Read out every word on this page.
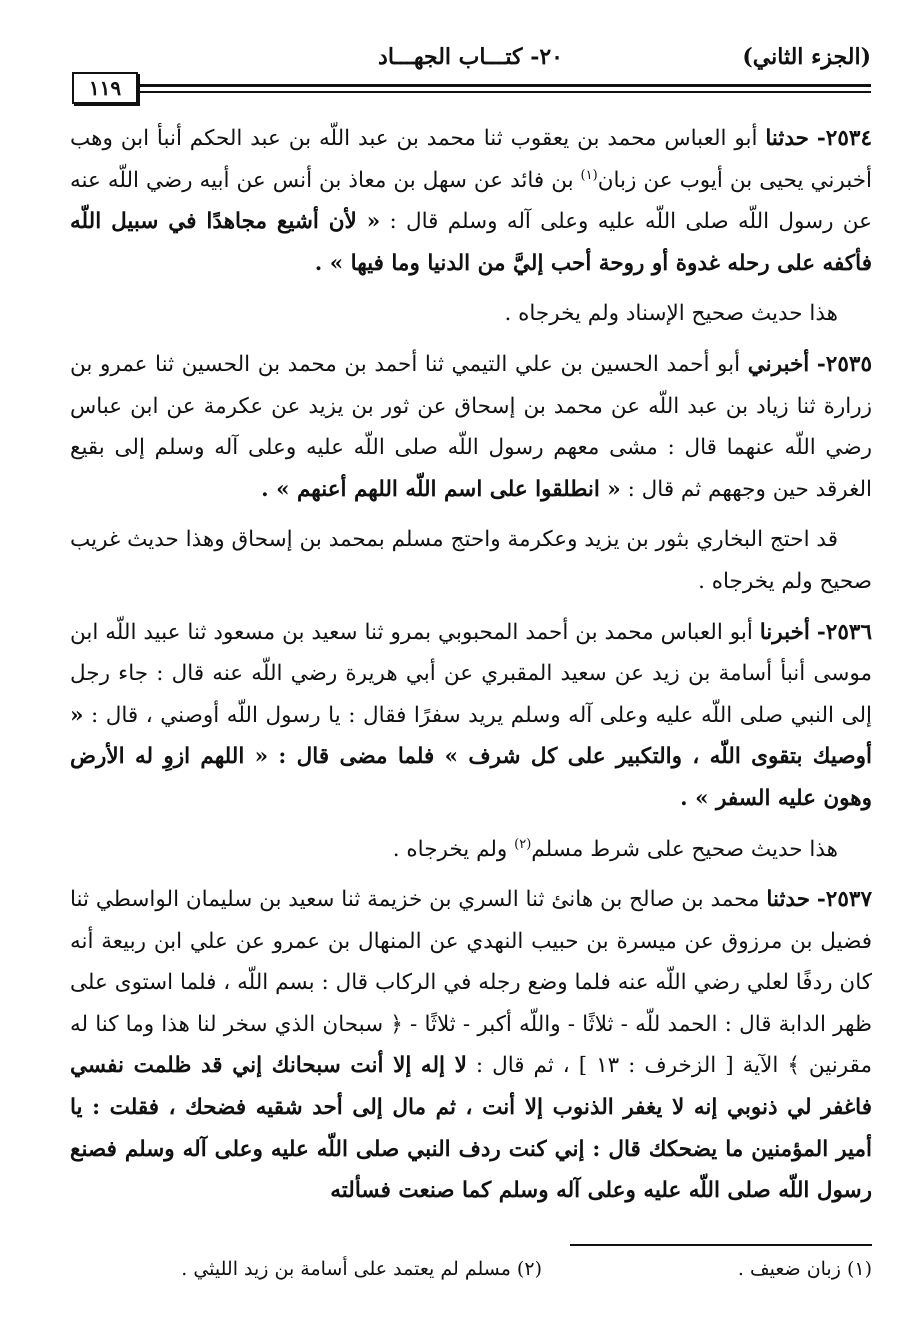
(الجزء الثاني)
٢٠- كتـــاب الجهـــاد
١١٩

٢٥٣٤- حدثنا أبو العباس محمد بن يعقوب ثنا محمد بن عبد اللّه بن عبد الحكم أنبأ ابن وهب أخبرني يحيى بن أيوب عن زبان$^{(١)}$ بن فائد عن سهل بن معاذ بن أنس عن أبيه رضي اللّه عنه عن رسول اللّه صلى اللّه عليه وعلى آله وسلم قال : « لأن أشيع مجاهدًا في سبيل اللّه فأكفه على رحله غدوة أو روحة أحب إليَّ من الدنيا وما فيها » .

هذا حديث صحيح الإسناد ولم يخرجاه .

٢٥٣٥- أخبرني أبو أحمد الحسين بن علي التيمي ثنا أحمد بن محمد بن الحسين ثنا عمرو بن زرارة ثنا زياد بن عبد اللّه عن محمد بن إسحاق عن ثور بن يزيد عن عكرمة عن ابن عباس رضي اللّه عنهما قال : مشى معهم رسول اللّه صلى اللّه عليه وعلى آله وسلم إلى بقيع الغرقد حين وجههم ثم قال : « انطلقوا على اسم اللّه اللهم أعنهم » .

قد احتج البخاري بثور بن يزيد وعكرمة واحتج مسلم بمحمد بن إسحاق وهذا حديث غريب صحيح ولم يخرجاه .

٢٥٣٦- أخبرنا أبو العباس محمد بن أحمد المحبوبي بمرو ثنا سعيد بن مسعود ثنا عبيد اللّه ابن موسى أنبأ أسامة بن زيد عن سعيد المقبري عن أبي هريرة رضي اللّه عنه قال : جاء رجل إلى النبي صلى اللّه عليه وعلى آله وسلم يريد سفرًا فقال : يا رسول اللّه أوصني ، قال : « أوصيك بتقوى اللّه ، والتكبير على كل شرف » فلما مضى قال : « اللهم ازوِ له الأرض وهون عليه السفر » .

هذا حديث صحيح على شرط مسلم$^{(٢)}$ ولم يخرجاه .

٢٥٣٧- حدثنا محمد بن صالح بن هانئ ثنا السري بن خزيمة ثنا سعيد بن سليمان الواسطي ثنا فضيل بن مرزوق عن ميسرة بن حبيب النهدي عن المنهال بن عمرو عن علي ابن ربيعة أنه كان ردفًا لعلي رضي اللّه عنه فلما وضع رجله في الركاب قال : بسم اللّه ، فلما استوى على ظهر الدابة قال : الحمد للّه - ثلاثًا - واللّه أكبر - ثلاثًا - ﴿ سبحان الذي سخر لنا هذا وما كنا له مقرنين ﴾ الآية [ الزخرف : ١٣ ] ، ثم قال : لا إله إلا أنت سبحانك إني قد ظلمت نفسي فاغفر لي ذنوبي إنه لا يغفر الذنوب إلا أنت ، ثم مال إلى أحد شقيه فضحك ، فقلت : يا أمير المؤمنين ما يضحكك قال : إني كنت ردف النبي صلى اللّه عليه وعلى آله وسلم فصنع رسول اللّه صلى اللّه عليه وعلى آله وسلم كما صنعت فسألته

(١) زبان ضعيف .
(٢) مسلم لم يعتمد على أسامة بن زيد الليثي .
